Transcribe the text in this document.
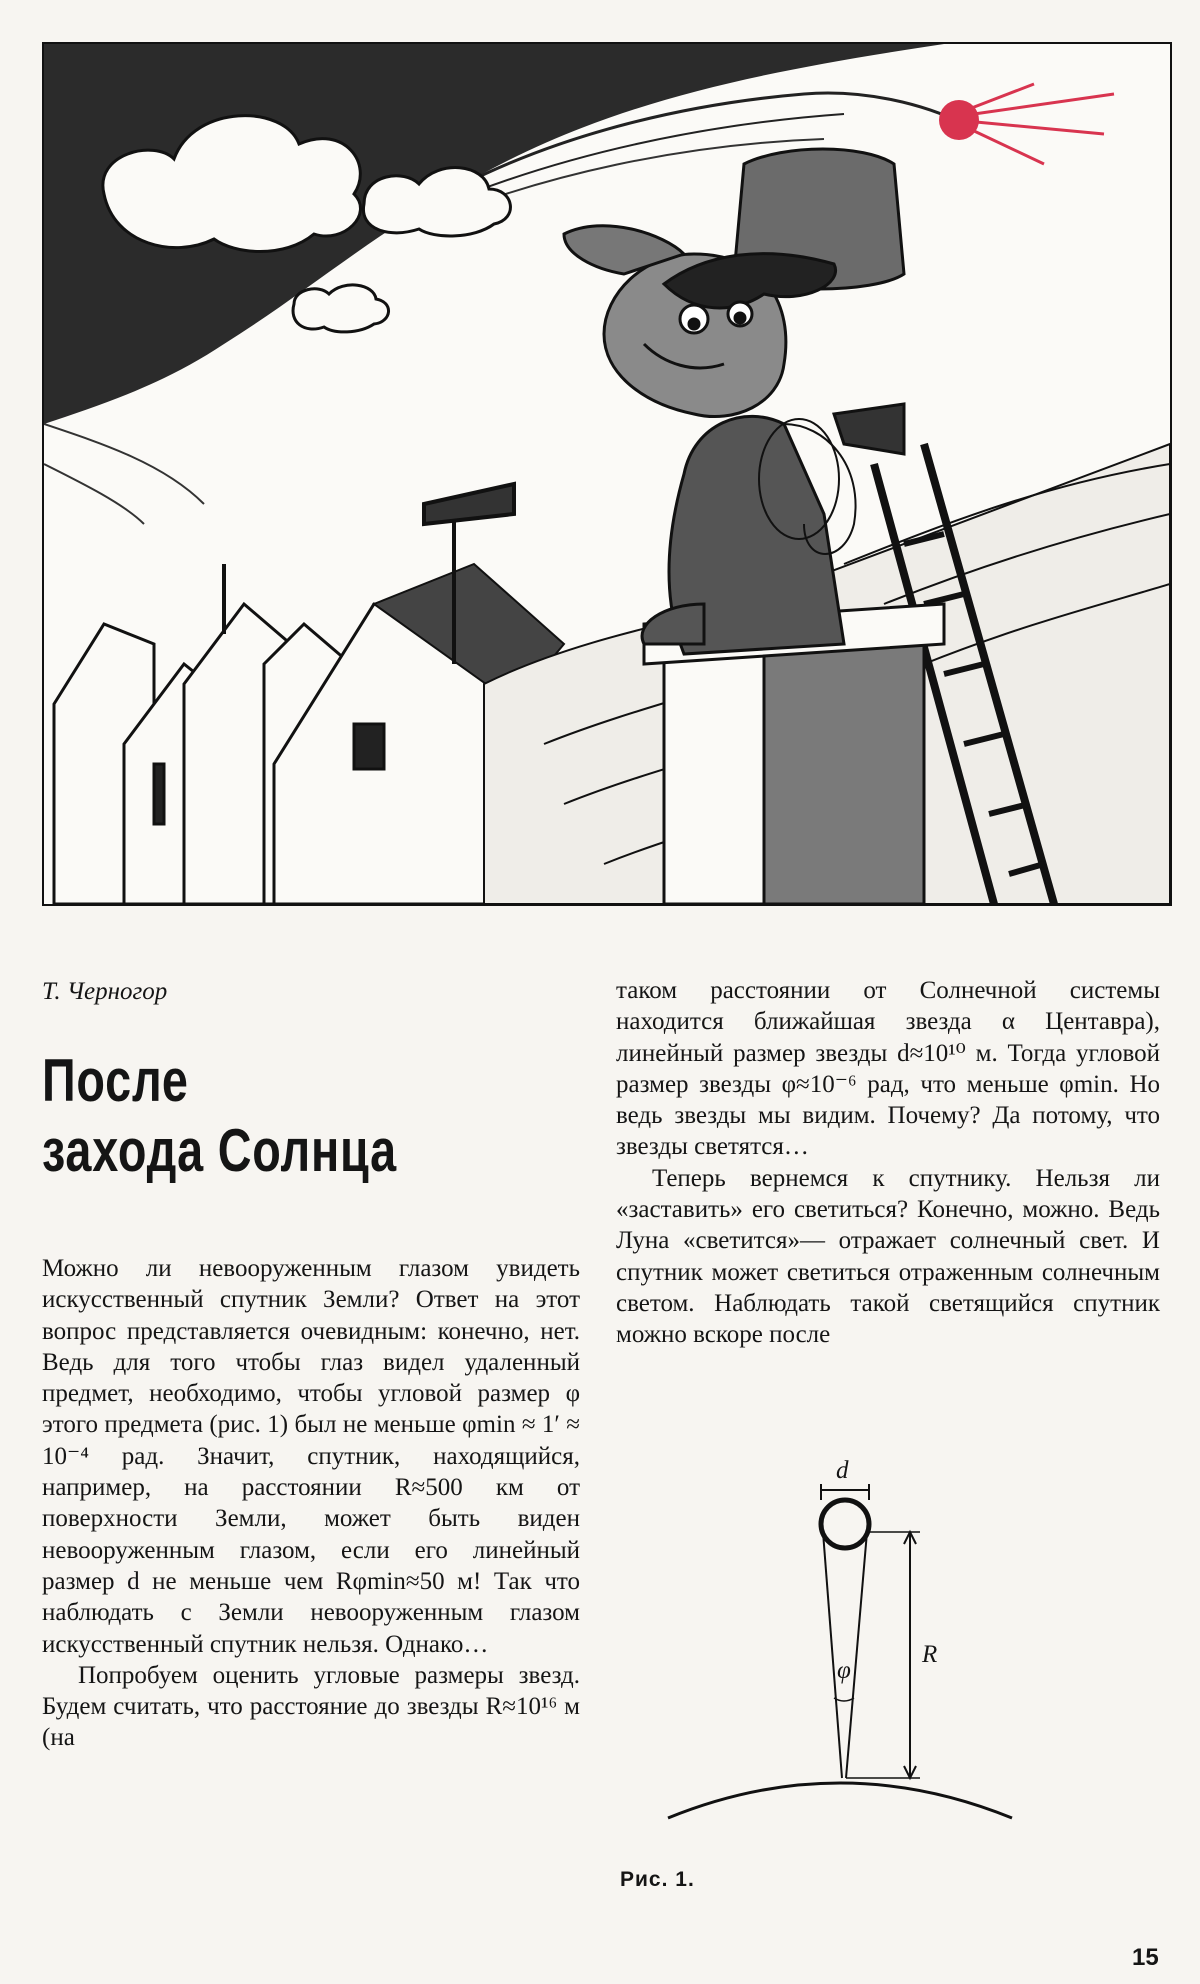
Т. Черногор
После
захода Солнца

Можно ли невооруженным глазом увидеть искусственный спутник Земли? Ответ на этот вопрос представляется очевидным: конечно, нет. Ведь для того чтобы глаз видел удаленный предмет, необходимо, чтобы угловой размер φ этого предмета (рис. 1) был не меньше φmin ≈ 1′ ≈ 10⁻⁴ рад. Значит, спутник, находящийся, например, на расстоянии R≈500 км от поверхности Земли, может быть виден невооруженным глазом, если его линейный размер d не меньше чем Rφmin≈50 м! Так что наблюдать с Земли невооруженным глазом искусственный спутник нельзя. Однако…

Попробуем оценить угловые размеры звезд. Будем считать, что расстояние до звезды R≈10¹⁶ м (на

таком расстоянии от Солнечной системы находится ближайшая звезда α Центавра), линейный размер звезды d≈10¹⁰ м. Тогда угловой размер звезды φ≈10⁻⁶ рад, что меньше φmin. Но ведь звезды мы видим. Почему? Да потому, что звезды светятся…

Теперь вернемся к спутнику. Нельзя ли «заставить» его светиться? Конечно, можно. Ведь Луна «светится»— отражает солнечный свет. И спутник может светиться отраженным солнечным светом. Наблюдать такой светящийся спутник можно вскоре после

d
R
φ
Рис. 1.
15
